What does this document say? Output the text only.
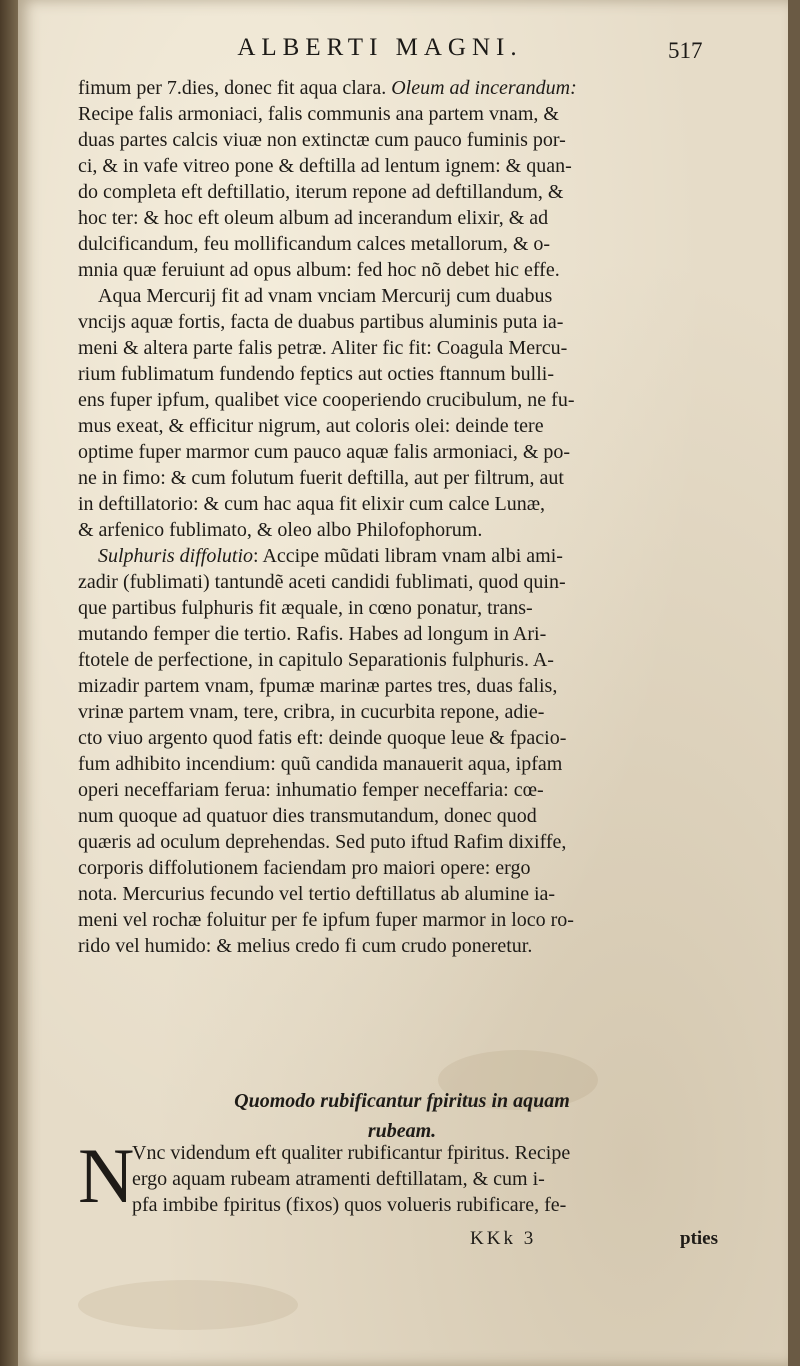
ALBERTI MAGNI.	517
fimum per 7.dies, donec fit aqua clara. Oleum ad incerandum:
Recipe falis armoniaci, falis communis ana partem vnam, &
duas partes calcis viuæ non extinctæ cum pauco fuminis por-
ci, & in vafe vitreo pone & deftilla ad lentum ignem: & quan-
do completa eft deftillatio, iterum repone ad deftillandum, &
hoc ter: & hoc eft oleum album ad incerandum elixir, & ad
dulcificandum, feu mollificandum calces metallorum, & o-
mnia quæ feruiunt ad opus album: fed hoc nõ debet hic effe.
Aqua Mercurij fit ad vnam vnciam Mercurij cum duabus
vncijs aquæ fortis, facta de duabus partibus aluminis puta ia-
meni & altera parte falis petræ. Aliter fic fit: Coagula Mercu-
rium fublimatum fundendo feptics aut octies ftannum bulli-
ens fuper ipfum, qualibet vice cooperiendo crucibulum, ne fu-
mus exeat, & efficitur nigrum, aut coloris olei: deinde tere
optime fuper marmor cum pauco aquæ falis armoniaci, & po-
ne in fimo: & cum folutum fuerit deftilla, aut per filtrum, aut
in deftillatorio: & cum hac aqua fit elixir cum calce Lunæ,
& arfenico fublimato, & oleo albo Philofophorum.
Sulphuris diffolutio: Accipe mũdati libram vnam albi ami-
zadir (fublimati) tantundẽ aceti candidi fublimati, quod quin-
que partibus fulphuris fit æquale, in cœno ponatur, trans-
mutando femper die tertio. Rafis. Habes ad longum in Ari-
ftotele de perfectione, in capitulo Separationis fulphuris. A-
mizadir partem vnam, fpumæ marinæ partes tres, duas falis,
vrinæ partem vnam, tere, cribra, in cucurbita repone, adie-
cto viuo argento quod fatis eft: deinde quoque leue & fpacio-
fum adhibito incendium: quũ candida manauerit aqua, ipfam
operi neceffariam ferua: inhumatio femper neceffaria: cœ-
num quoque ad quatuor dies transmutandum, donec quod
quæris ad oculum deprehendas. Sed puto iftud Rafim dixiffe,
corporis diffolutionem faciendam pro maiori opere: ergo
nota. Mercurius fecundo vel tertio deftillatus ab alumine ia-
meni vel rochæ foluitur per fe ipfum fuper marmor in loco ro-
rido vel humido: & melius credo fi cum crudo poneretur.
Quomodo rubificantur fpiritus in aquam
rubeam.
N
Vnc videndum eft qualiter rubificantur fpiritus. Recipe
ergo aquam rubeam atramenti deftillatam, & cum i-
pfa imbibe fpiritus (fixos) quos volueris rubificare, fe-
KKk 3	pties
